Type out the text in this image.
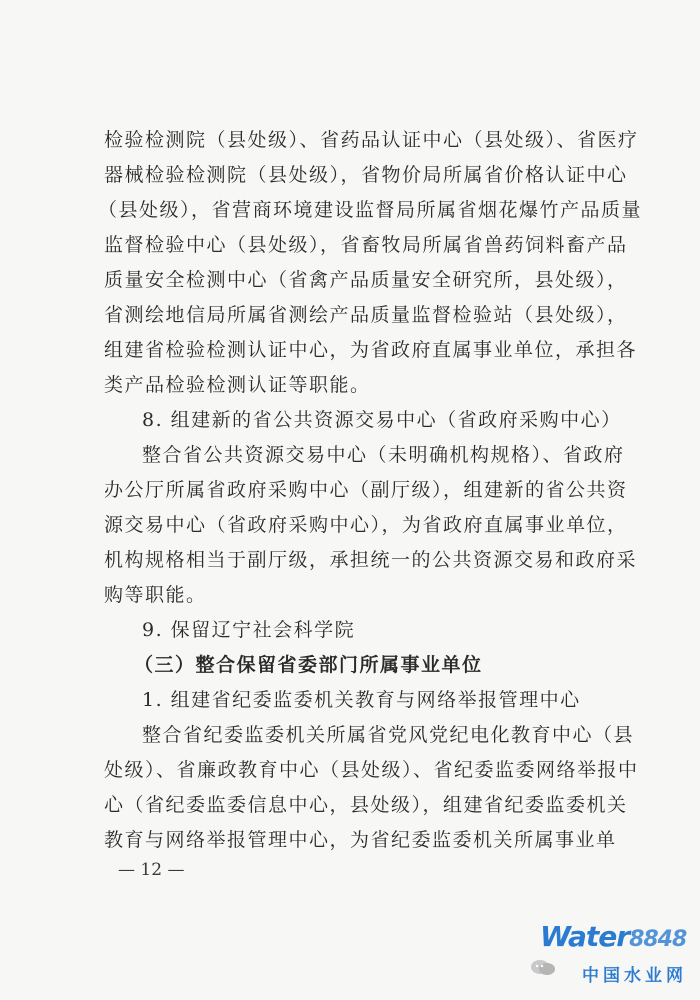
检验检测院（县处级）、省药品认证中心（县处级）、省医疗
器械检验检测院（县处级），省物价局所属省价格认证中心
（县处级），省营商环境建设监督局所属省烟花爆竹产品质量
监督检验中心（县处级），省畜牧局所属省兽药饲料畜产品
质量安全检测中心（省禽产品质量安全研究所，县处级），
省测绘地信局所属省测绘产品质量监督检验站（县处级），
组建省检验检测认证中心，为省政府直属事业单位，承担各
类产品检验检测认证等职能。
8. 组建新的省公共资源交易中心（省政府采购中心）
整合省公共资源交易中心（未明确机构规格）、省政府
办公厅所属省政府采购中心（副厅级），组建新的省公共资
源交易中心（省政府采购中心），为省政府直属事业单位，
机构规格相当于副厅级，承担统一的公共资源交易和政府采
购等职能。
9. 保留辽宁社会科学院
（三）整合保留省委部门所属事业单位
1. 组建省纪委监委机关教育与网络举报管理中心
整合省纪委监委机关所属省党风党纪电化教育中心（县
处级）、省廉政教育中心（县处级）、省纪委监委网络举报中
心（省纪委监委信息中心，县处级），组建省纪委监委机关
教育与网络举报管理中心，为省纪委监委机关所属事业单
— 12 —
Water8848
中国水业网
